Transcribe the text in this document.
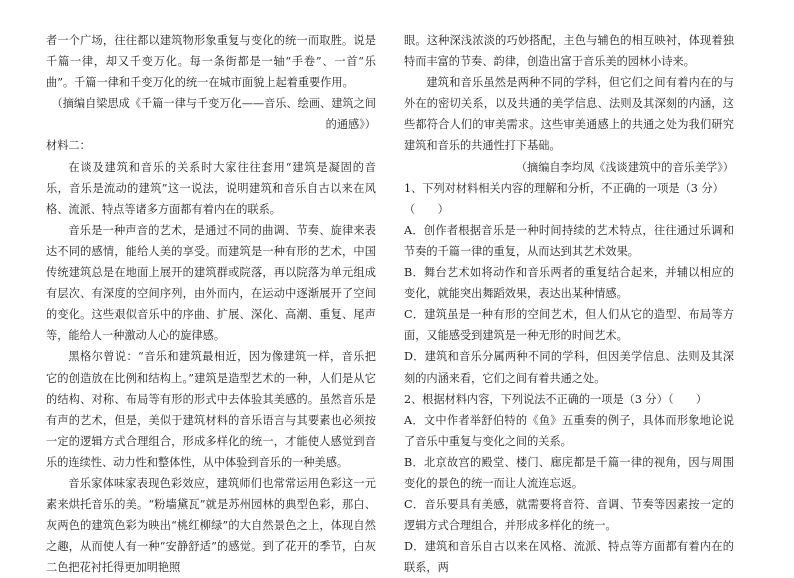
者一个广场，往往都以建筑物形象重复与变化的统一而取胜。说是千篇一律，却又千变万化。每一条街都是一轴“手卷”、一首“乐曲”。千篇一律和千变万化的统一在城市面貌上起着重要作用。

（摘编自梁思成《千篇一律与千变万化——音乐、绘画、建筑之间的通感》）

材料二：

在谈及建筑和音乐的关系时大家往往套用“建筑是凝固的音乐，音乐是流动的建筑”这一说法，说明建筑和音乐自古以来在风格、流派、特点等诸多方面都有着内在的联系。

音乐是一种声音的艺术，是通过不同的曲调、节奏、旋律来表达不同的感情，能给人美的享受。而建筑是一种有形的艺术，中国传统建筑总是在地面上展开的建筑群或院落，再以院落为单元组成有层次、有深度的空间序列，由外而内，在运动中逐渐展开了空间的变化。这些艰似音乐中的序曲、扩展、深化、高潮、重复、尾声等，能给人一种激动人心的旋律感。

黑格尔曾说：“音乐和建筑最相近，因为像建筑一样，音乐把它的创造放在比例和结构上。”建筑是造型艺术的一种，人们是从它的结构、对称、布局等有形的形式中去体验其美感的。虽然音乐是有声的艺术，但是，美似于建筑材料的音乐语言与其要素也必须按一定的逻辑方式合理组合，形成多样化的统一，才能使人感觉到音乐的连续性、动力性和整体性，从中体验到音乐的一种美感。

音乐家体味家表现色彩效应，建筑师们也常常运用色彩这一元素来烘托音乐的美。“粉墙黛瓦”就是苏州园林的典型色彩，那白、灰两色的建筑色彩为映出“桃红柳绿”的大自然景色之上，体现自然之趣，从而使人有一种“安静舒适”的感觉。到了花开的季节，白灰二色把花衬托得更加明艳照

眼。这种深浅浓淡的巧妙搭配，主色与辅色的相互映衬，体现着独特而丰富的节奏、韵律，创造出富于音乐美的园林小诗来。

建筑和音乐虽然是两种不同的学科，但它们之间有着内在的与外在的密切关系，以及共通的美学信息、法则及其深刻的内涵，这些都符合人们的审美需求。这些审美通感上的共通之处为我们研究建筑和音乐的共通性打下基础。

（摘编自李均凤《浅谈建筑中的音乐美学》）

1、下列对材料相关内容的理解和分析，不正确的一项是（3 分）（　　）

A．创作者根据音乐是一种时间持续的艺术特点，往往通过乐调和节奏的千篇一律的重复，从而达到其艺术效果。

B．舞台艺术如将动作和音乐两者的重复结合起来，并辅以相应的变化，就能突出舞蹈效果，表达出某种情感。

C．建筑虽是一种有形的空间艺术，但人们从它的造型、布局等方面，又能感受到建筑是一种无形的时间艺术。

D．建筑和音乐分属两种不同的学科，但因美学信息、法则及其深刻的内涵来看，它们之间有着共通之处。

2、根据材料内容，下列说法不正确的一项是（3 分）（　　）

A．文中作者举舒伯特的《鱼》五重奏的例子，具体而形象地论说了音乐中重复与变化之间的关系。

B．北京故宫的殿堂、楼门、廊庑都是千篇一律的视角，因与周围变化的景色的统一而让人流连忘返。

C．音乐要具有美感，就需要将音符、音调、节奏等因素按一定的逻辑方式合理组合，并形成多样化的统一。

D．建筑和音乐自古以来在风格、流派、特点等方面都有着内在的联系，两
